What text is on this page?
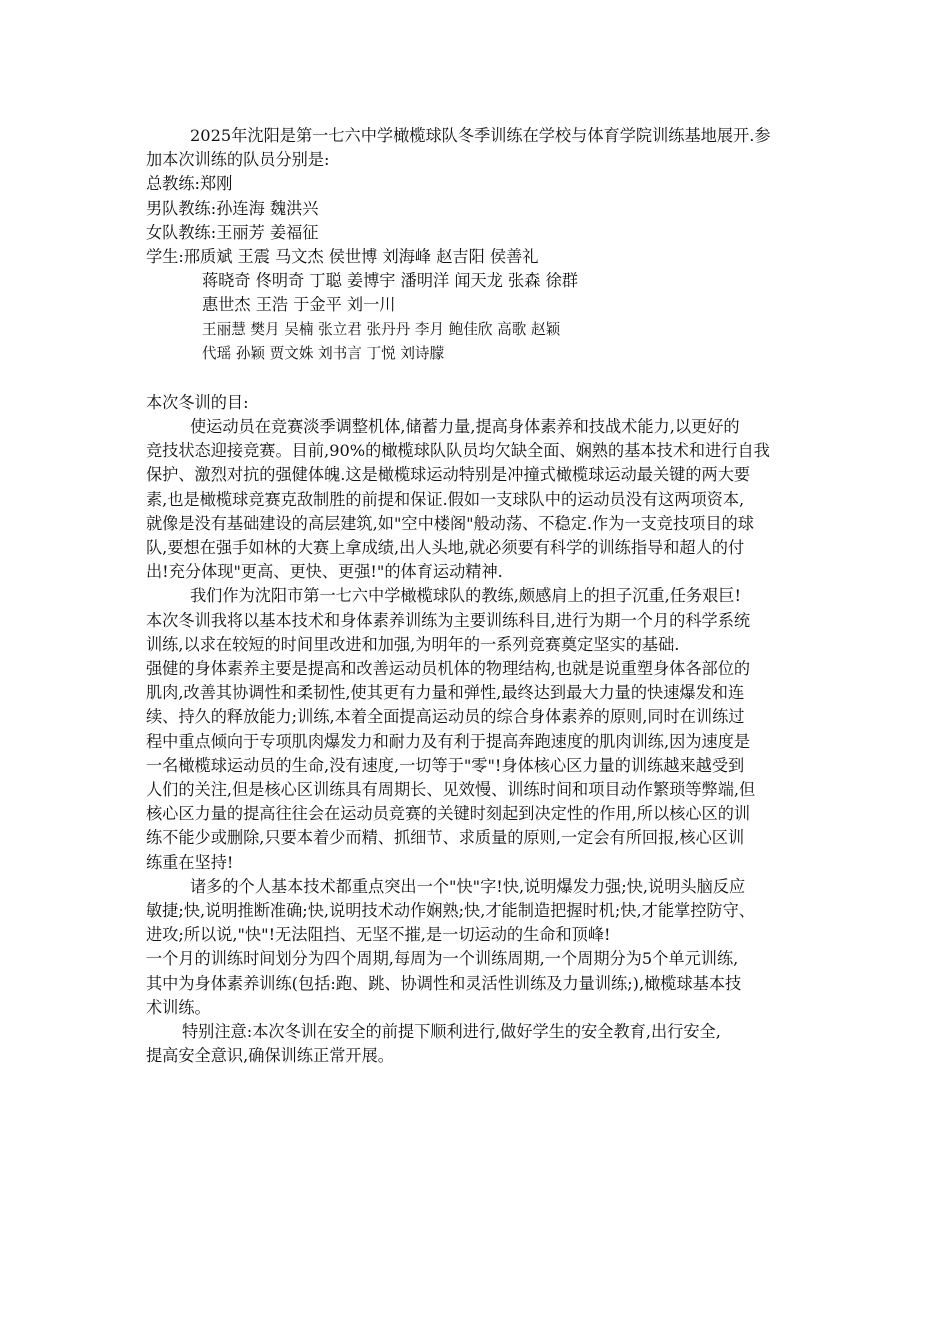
2025年沈阳是第一七六中学橄榄球队冬季训练在学校与体育学院训练基地展开.参
加本次训练的队员分别是:
总教练:郑刚
男队教练:孙连海 魏洪兴
女队教练:王丽芳 姜福征
学生:邢质斌 王震 马文杰 侯世博 刘海峰 赵吉阳 侯善礼
蒋晓奇 佟明奇 丁聪 姜博宇 潘明洋 闻天龙 张森 徐群
惠世杰 王浩 于金平 刘一川
王丽慧 樊月 吴楠 张立君 张丹丹 李月 鲍佳欣 高歌 赵颖
代瑶 孙颖 贾文姝 刘书言 丁悦 刘诗朦
本次冬训的目:
使运动员在竞赛淡季调整机体,储蓄力量,提高身体素养和技战术能力,以更好的
竞技状态迎接竞赛。目前,90%的橄榄球队队员均欠缺全面、娴熟的基本技术和进行自我
保护、激烈对抗的强健体魄.这是橄榄球运动特别是冲撞式橄榄球运动最关键的两大要
素,也是橄榄球竞赛克敌制胜的前提和保证.假如一支球队中的运动员没有这两项资本,
就像是没有基础建设的高层建筑,如"空中楼阁"般动荡、不稳定.作为一支竞技项目的球
队,要想在强手如林的大赛上拿成绩,出人头地,就必须要有科学的训练指导和超人的付
出!充分体现"更高、更快、更强!"的体育运动精神.
我们作为沈阳市第一七六中学橄榄球队的教练,颇感肩上的担子沉重,任务艰巨!
本次冬训我将以基本技术和身体素养训练为主要训练科目,进行为期一个月的科学系统
训练,以求在较短的时间里改进和加强,为明年的一系列竞赛奠定坚实的基础.
强健的身体素养主要是提高和改善运动员机体的物理结构,也就是说重塑身体各部位的
肌肉,改善其协调性和柔韧性,使其更有力量和弹性,最终达到最大力量的快速爆发和连
续、持久的释放能力;训练,本着全面提高运动员的综合身体素养的原则,同时在训练过
程中重点倾向于专项肌肉爆发力和耐力及有利于提高奔跑速度的肌肉训练,因为速度是
一名橄榄球运动员的生命,没有速度,一切等于"零"!身体核心区力量的训练越来越受到
人们的关注,但是核心区训练具有周期长、见效慢、训练时间和项目动作繁琐等弊端,但
核心区力量的提高往往会在运动员竞赛的关键时刻起到决定性的作用,所以核心区的训
练不能少或删除,只要本着少而精、抓细节、求质量的原则,一定会有所回报,核心区训
练重在坚持!
诸多的个人基本技术都重点突出一个"快"字!快,说明爆发力强;快,说明头脑反应
敏捷;快,说明推断准确;快,说明技术动作娴熟;快,才能制造把握时机;快,才能掌控防守、
进攻;所以说,"快"!无法阻挡、无坚不摧,是一切运动的生命和顶峰!
一个月的训练时间划分为四个周期,每周为一个训练周期,一个周期分为5个单元训练,
其中为身体素养训练(包括:跑、跳、协调性和灵活性训练及力量训练;),橄榄球基本技
术训练。
特别注意:本次冬训在安全的前提下顺利进行,做好学生的安全教育,出行安全,
提高安全意识,确保训练正常开展。
